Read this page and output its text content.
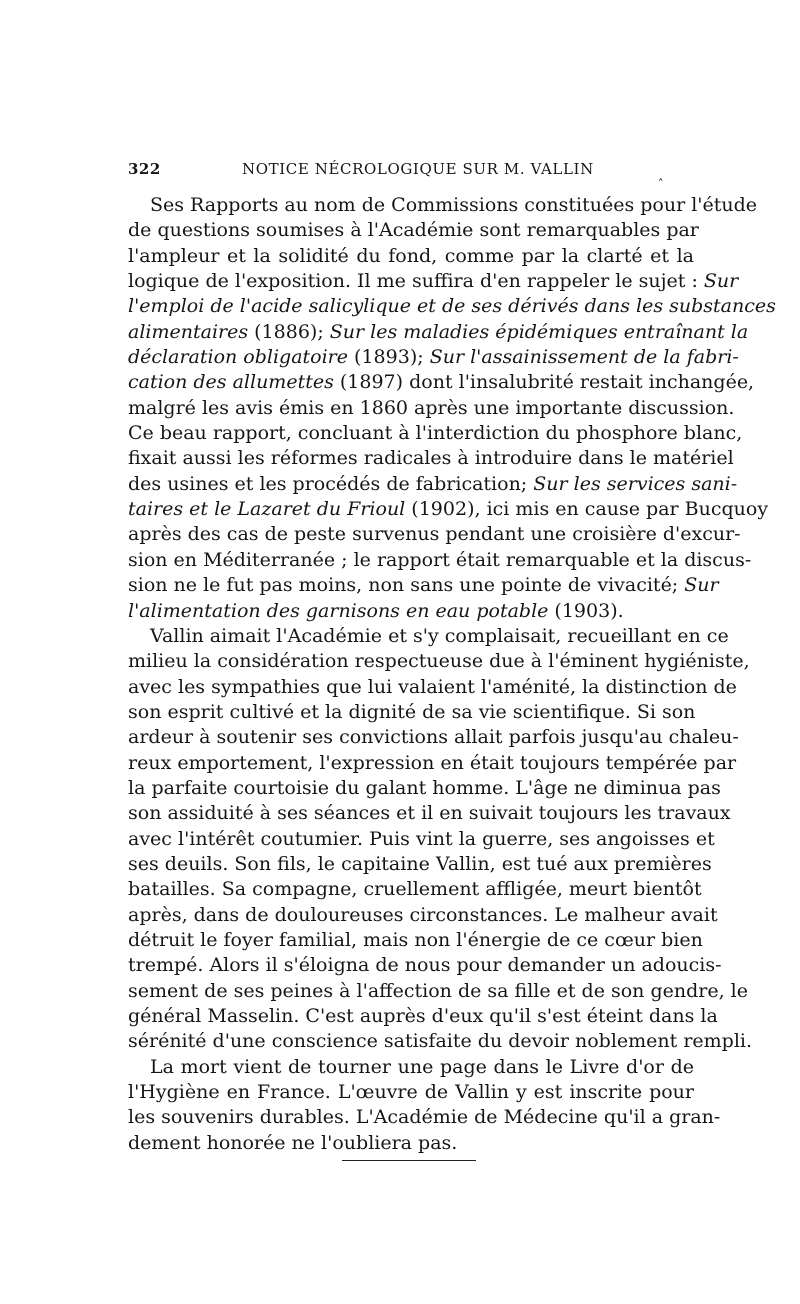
322	NOTICE NÉCROLOGIQUE SUR M. VALLIN	˰
Ses Rapports au nom de Commissions constituées pour l'étude
de questions soumises à l'Académie sont remarquables par
l'ampleur et la solidité du fond, comme par la clarté et la
logique de l'exposition. Il me suffira d'en rappeler le sujet : Sur
l'emploi de l'acide salicylique et de ses dérivés dans les substances
alimentaires (1886); Sur les maladies épidémiques entraînant la
déclaration obligatoire (1893); Sur l'assainissement de la fabri-
cation des allumettes (1897) dont l'insalubrité restait inchangée,
malgré les avis émis en 1860 après une importante discussion.
Ce beau rapport, concluant à l'interdiction du phosphore blanc,
fixait aussi les réformes radicales à introduire dans le matériel
des usines et les procédés de fabrication; Sur les services sani-
taires et le Lazaret du Frioul (1902), ici mis en cause par Bucquoy
après des cas de peste survenus pendant une croisière d'excur-
sion en Méditerranée ; le rapport était remarquable et la discus-
sion ne le fut pas moins, non sans une pointe de vivacité; Sur
l'alimentation des garnisons en eau potable (1903).
Vallin aimait l'Académie et s'y complaisait, recueillant en ce
milieu la considération respectueuse due à l'éminent hygiéniste,
avec les sympathies que lui valaient l'aménité, la distinction de
son esprit cultivé et la dignité de sa vie scientifique. Si son
ardeur à soutenir ses convictions allait parfois jusqu'au chaleu-
reux emportement, l'expression en était toujours tempérée par
la parfaite courtoisie du galant homme. L'âge ne diminua pas
son assiduité à ses séances et il en suivait toujours les travaux
avec l'intérêt coutumier. Puis vint la guerre, ses angoisses et
ses deuils. Son fils, le capitaine Vallin, est tué aux premières
batailles. Sa compagne, cruellement affligée, meurt bientôt
après, dans de douloureuses circonstances. Le malheur avait
détruit le foyer familial, mais non l'énergie de ce cœur bien
trempé. Alors il s'éloigna de nous pour demander un adoucis-
sement de ses peines à l'affection de sa fille et de son gendre, le
général Masselin. C'est auprès d'eux qu'il s'est éteint dans la
sérénité d'une conscience satisfaite du devoir noblement rempli.
La mort vient de tourner une page dans le Livre d'or de
l'Hygiène en France. L'œuvre de Vallin y est inscrite pour
les souvenirs durables. L'Académie de Médecine qu'il a gran-
dement honorée ne l'oubliera pas.
